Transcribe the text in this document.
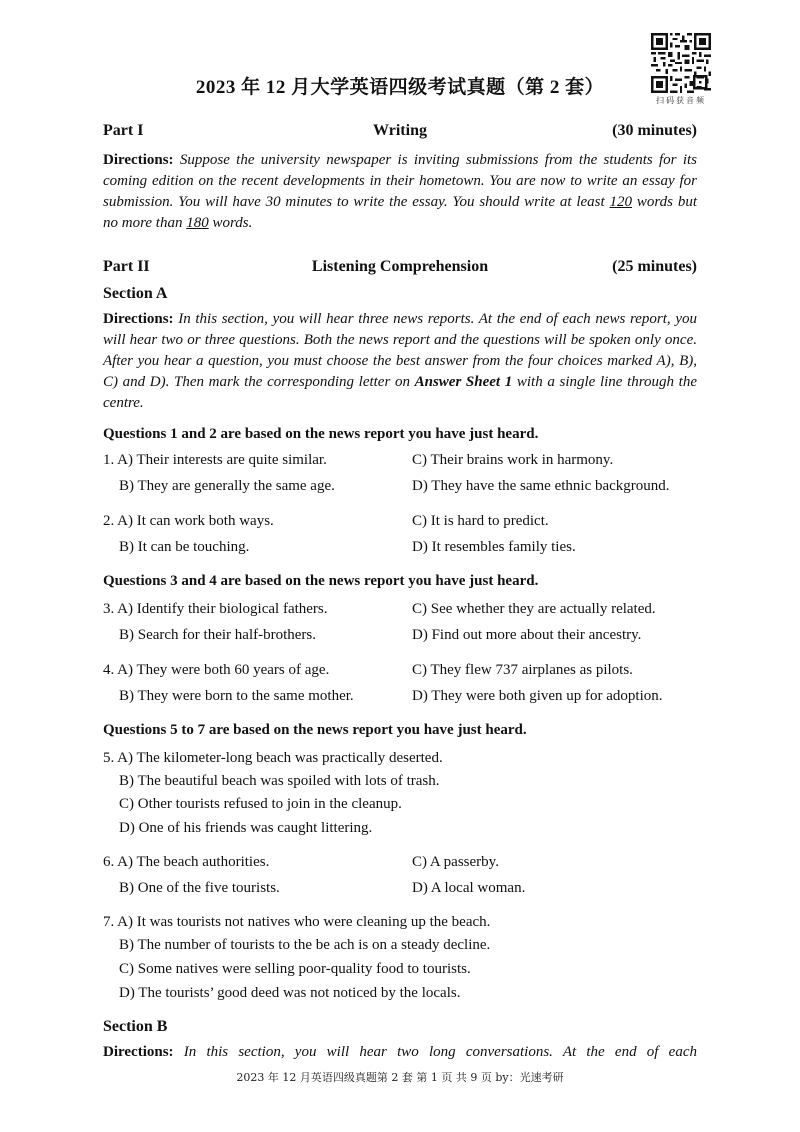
2023 年 12 月大学英语四级考试真题（第 2 套）
扫码获音频
Part I	Writing	(30 minutes)
Directions: Suppose the university newspaper is inviting submissions from the students for its coming edition on the recent developments in their hometown. You are now to write an essay for submission. You will have 30 minutes to write the essay. You should write at least 120 words but no more than 180 words.
Part II	Listening Comprehension	(25 minutes)
Section A
Directions: In this section, you will hear three news reports. At the end of each news report, you will hear two or three questions. Both the news report and the questions will be spoken only once. After you hear a question, you must choose the best answer from the four choices marked A), B), C) and D). Then mark the corresponding letter on Answer Sheet 1 with a single line through the centre.
Questions 1 and 2 are based on the news report you have just heard.
1. A) Their interests are quite similar.	C) Their brains work in harmony.
B) They are generally the same age.	D) They have the same ethnic background.
2. A) It can work both ways.	C) It is hard to predict.
B) It can be touching.	D) It resembles family ties.
Questions 3 and 4 are based on the news report you have just heard.
3. A) Identify their biological fathers.	C) See whether they are actually related.
B) Search for their half-brothers.	D) Find out more about their ancestry.
4. A) They were both 60 years of age.	C) They flew 737 airplanes as pilots.
B) They were born to the same mother.	D) They were both given up for adoption.
Questions 5 to 7 are based on the news report you have just heard.
5. A) The kilometer-long beach was practically deserted.
B) The beautiful beach was spoiled with lots of trash.
C) Other tourists refused to join in the cleanup.
D) One of his friends was caught littering.
6. A) The beach authorities.	C) A passerby.
B) One of the five tourists.	D) A local woman.
7. A) It was tourists not natives who were cleaning up the beach.
B) The number of tourists to the be ach is on a steady decline.
C) Some natives were selling poor-quality food to tourists.
D) The tourists’ good deed was not noticed by the locals.
Section B
Directions: In this section, you will hear two long conversations. At the end of each
2023 年 12 月英语四级真题第 2 套 第 1 页 共 9 页 by：光速考研
